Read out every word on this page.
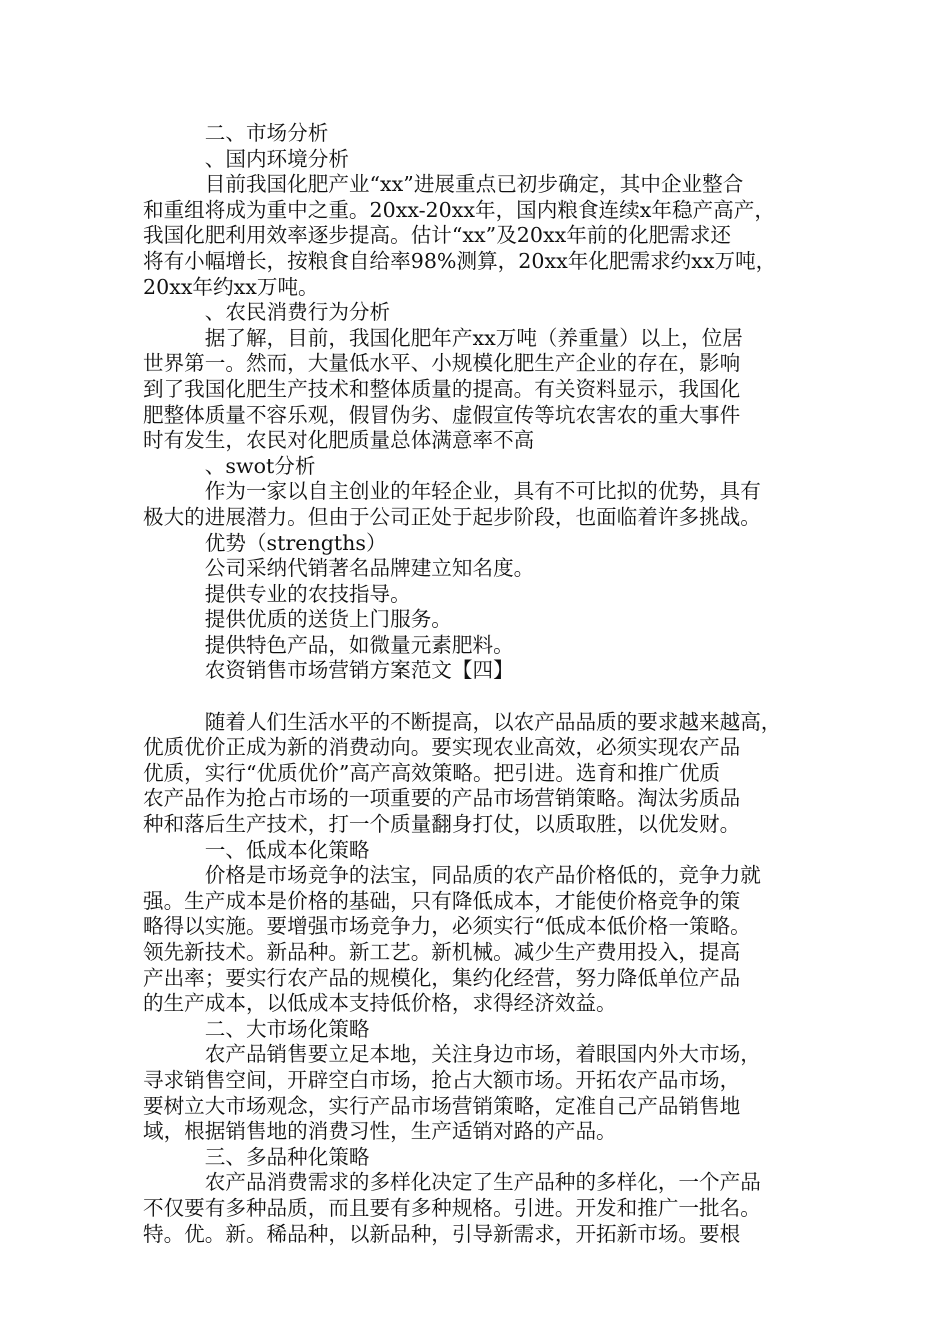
　　　二、市场分析
　　　、国内环境分析
　　　目前我国化肥产业“xx”进展重点已初步确定，其中企业整合
和重组将成为重中之重。20xx-20xx年，国内粮食连续x年稳产高产，
我国化肥利用效率逐步提高。估计“xx”及20xx年前的化肥需求还
将有小幅增长，按粮食自给率98%测算，20xx年化肥需求约xx万吨，
20xx年约xx万吨。
　　　、农民消费行为分析
　　　据了解，目前，我国化肥年产xx万吨（养重量）以上，位居
世界第一。然而，大量低水平、小规模化肥生产企业的存在，影响
到了我国化肥生产技术和整体质量的提高。有关资料显示，我国化
肥整体质量不容乐观，假冒伪劣、虚假宣传等坑农害农的重大事件
时有发生，农民对化肥质量总体满意率不高
　　　、swot分析
　　　作为一家以自主创业的年轻企业，具有不可比拟的优势，具有
极大的进展潜力。但由于公司正处于起步阶段，也面临着许多挑战。
　　　优势（strengths）
　　　公司采纳代销著名品牌建立知名度。
　　　提供专业的农技指导。
　　　提供优质的送货上门服务。
　　　提供特色产品，如微量元素肥料。
　　　农资销售市场营销方案范文【四】
　　　随着人们生活水平的不断提高，以农产品品质的要求越来越高，
优质优价正成为新的消费动向。要实现农业高效，必须实现农产品
优质，实行“优质优价”高产高效策略。把引进。选育和推广优质
农产品作为抢占市场的一项重要的产品市场营销策略。淘汰劣质品
种和落后生产技术，打一个质量翻身打仗，以质取胜，以优发财。
　　　一、低成本化策略
　　　价格是市场竞争的法宝，同品质的农产品价格低的，竞争力就
强。生产成本是价格的基础，只有降低成本，才能使价格竞争的策
略得以实施。要增强市场竞争力，必须实行“低成本低价格一策略。
领先新技术。新品种。新工艺。新机械。减少生产费用投入，提高
产出率；要实行农产品的规模化，集约化经营，努力降低单位产品
的生产成本，以低成本支持低价格，求得经济效益。
　　　二、大市场化策略
　　　农产品销售要立足本地，关注身边市场，着眼国内外大市场，
寻求销售空间，开辟空白市场，抢占大额市场。开拓农产品市场，
要树立大市场观念，实行产品市场营销策略，定准自己产品销售地
域，根据销售地的消费习性，生产适销对路的产品。
　　　三、多品种化策略
　　　农产品消费需求的多样化决定了生产品种的多样化，一个产品
不仅要有多种品质，而且要有多种规格。引进。开发和推广一批名。
特。优。新。稀品种，以新品种，引导新需求，开拓新市场。要根
